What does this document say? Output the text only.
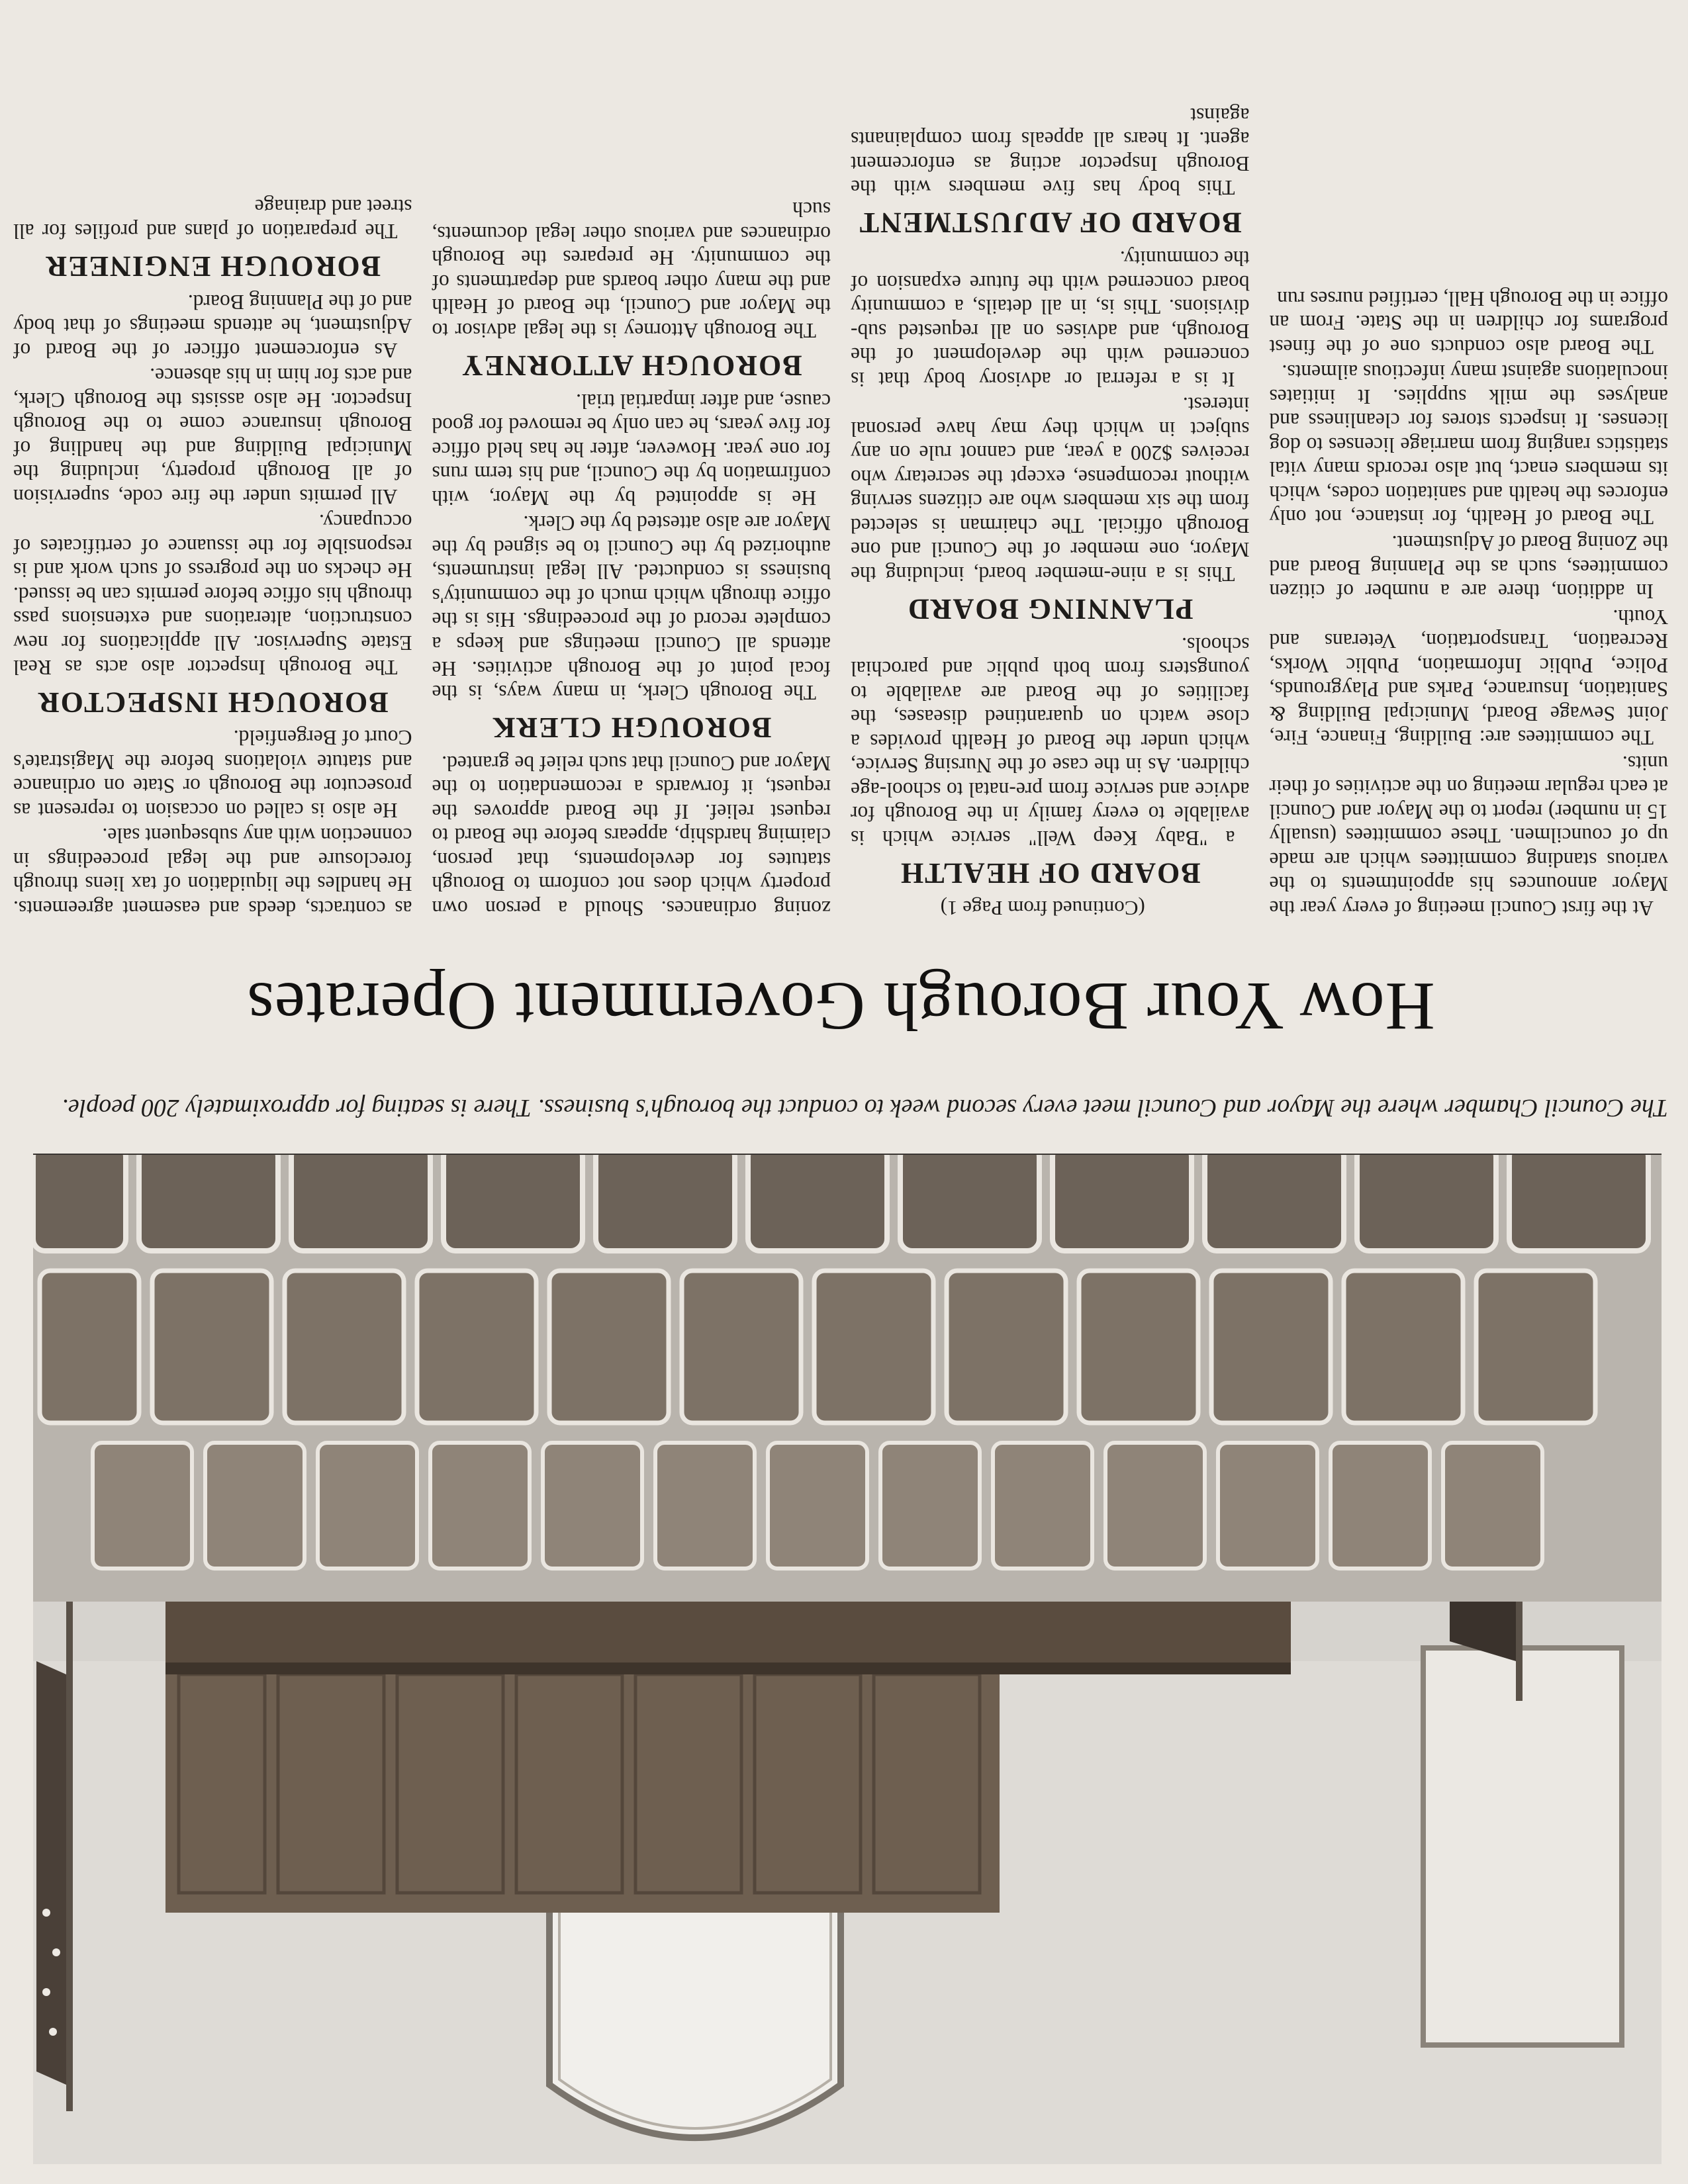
The Council Chamber where the Mayor and Council meet every second week to conduct the borough's business. There is seating for approximately 200 people.

How Your Borough Government Operates

At the first Council meeting of every year the Mayor announces his appointments to the various standing committees which are made up of councilmen. These committees (usually 15 in number) report to the Mayor and Council at each regular meeting on the activities of their units.

The committees are: Building, Finance, Fire, Joint Sewage Board, Municipal Building & Sanitation, Insurance, Parks and Playgrounds, Police, Public Information, Public Works, Recreation, Transportation, Veterans and Youth.

In addition, there are a number of citizen committees, such as the Planning Board and the Zoning Board of Adjustment.

The Board of Health, for instance, not only enforces the health and sanitation codes, which its members enact, but also records many vital statistics ranging from marriage licenses to dog licenses. It inspects stores for cleanliness and analyses the milk supplies. It initiates inoculations against many infectious ailments.

The Board also conducts one of the finest programs for children in the State. From an office in the Borough Hall, certified nurses run

(Continued from Page 1)

BOARD OF HEALTH

a "Baby Keep Well" service which is available to every family in the Borough for advice and service from pre-natal to school-age children. As in the case of the Nursing Service, which under the Board of Health provides a close watch on quarantined diseases, the facilities of the Board are available to youngsters from both public and parochial schools.

PLANNING BOARD

This is a nine-member board, including the Mayor, one member of the Council and one Borough official. The chairman is selected from the six members who are citizens serving without recompense, except the secretary who receives $200 a year, and cannot rule on any subject in which they may have personal interest.

It is a referral or advisory body that is concerned with the development of the Borough, and advises on all requested sub-divisions. This is, in all details, a community board concerned with the future expansion of the community.

BOARD OF ADJUSTMENT

This body has five members with the Borough Inspector acting as enforcement agent. It hears all appeals from complainants against

zoning ordinances. Should a person own property which does not conform to Borough statutes for developments, that person, claiming hardship, appears before the Board to request relief. If the Board approves the request, it forwards a recomendation to the Mayor and Council that such relief be granted.

BOROUGH CLERK

The Borough Clerk, in many ways, is the focal point of the Borough activities. He attends all Council meetings and keeps a complete record of the proceedings. His is the office through which much of the community's business is conducted. All legal instruments, authorized by the Council to be signed by the Mayor are also attested by the Clerk.

He is appointed by the Mayor, with confirmation by the Council, and his term runs for one year. However, after he has held office for five years, he can only be removed for good cause, and after impartial trial.

BOROUGH ATTORNEY

The Borough Attorney is the legal advisor to the Mayor and Council, the Board of Health and the many other boards and departments of the community. He prepares the Borough ordinances and various other legal documents, such

as contracts, deeds and easement agreements. He handles the liquidation of tax liens through foreclosure and the legal proceedings in connection with any subsequent sale.

He also is called on occasion to represent as prosecutor the Borough or State on ordinance and statute violations before the Magistrate's Court of Bergenfield.

BOROUGH INSPECTOR

The Borough Inspector also acts as Real Estate Supervisor. All applications for new construction, alterations and extensions pass through his office before permits can be issued. He checks on the progress of such work and is responsible for the issuance of certificates of occupancy.

All permits under the fire code, supervision of all Borough property, including the Municipal Building and the handling of Borough insurance come to the Borough Inspector. He also assists the Borough Clerk, and acts for him in his absence.

As enforcement officer of the Board of Adjustment, he attends meetings of that body and of the Planning Board.

BOROUGH ENGINEER

The preparation of plans and profiles for all street and drainage
